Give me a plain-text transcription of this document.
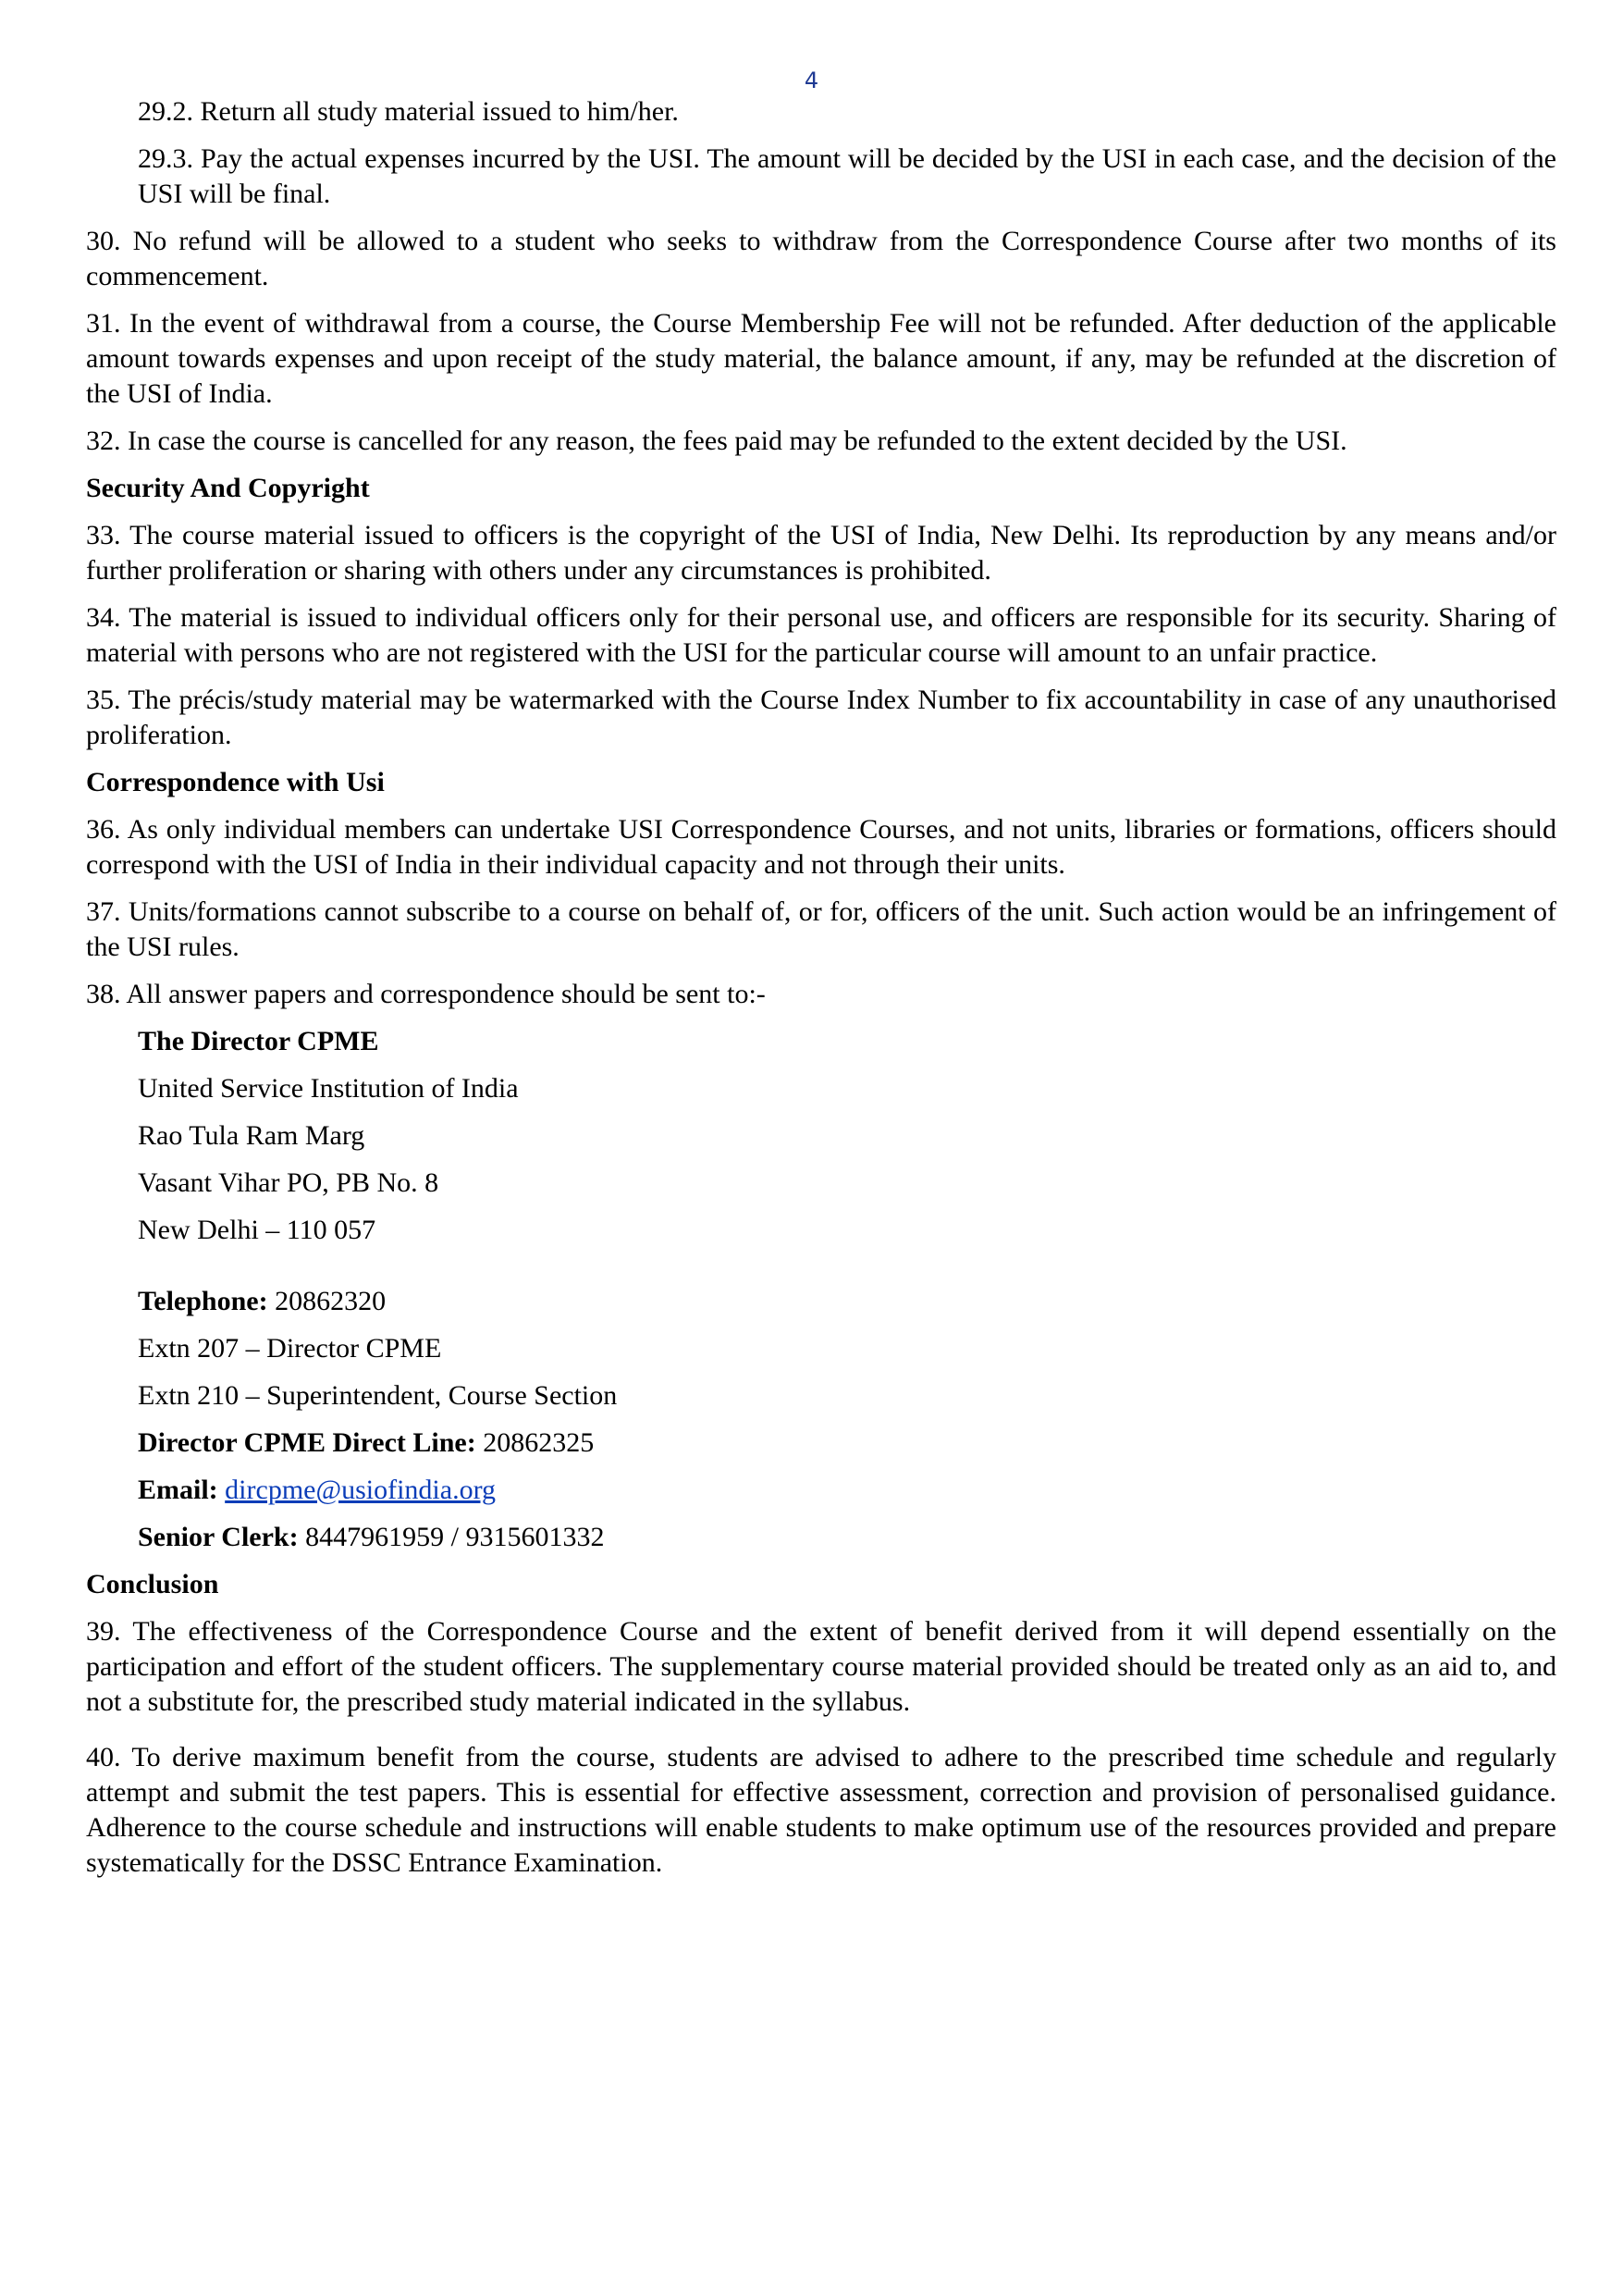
4

29.2. Return all study material issued to him/her.

29.3. Pay the actual expenses incurred by the USI. The amount will be decided by the USI in each case, and the decision of the USI will be final.

30. No refund will be allowed to a student who seeks to withdraw from the Correspondence Course after two months of its commencement.

31. In the event of withdrawal from a course, the Course Membership Fee will not be refunded. After deduction of the applicable amount towards expenses and upon receipt of the study material, the balance amount, if any, may be refunded at the discretion of the USI of India.

32. In case the course is cancelled for any reason, the fees paid may be refunded to the extent decided by the USI.

Security And Copyright

33. The course material issued to officers is the copyright of the USI of India, New Delhi. Its reproduction by any means and/or further proliferation or sharing with others under any circumstances is prohibited.

34. The material is issued to individual officers only for their personal use, and officers are responsible for its security. Sharing of material with persons who are not registered with the USI for the particular course will amount to an unfair practice.

35. The précis/study material may be watermarked with the Course Index Number to fix accountability in case of any unauthorised proliferation.

Correspondence with Usi

36. As only individual members can undertake USI Correspondence Courses, and not units, libraries or formations, officers should correspond with the USI of India in their individual capacity and not through their units.

37. Units/formations cannot subscribe to a course on behalf of, or for, officers of the unit. Such action would be an infringement of the USI rules.

38. All answer papers and correspondence should be sent to:-

The Director CPME
United Service Institution of India
Rao Tula Ram Marg
Vasant Vihar PO, PB No. 8
New Delhi – 110 057
Telephone: 20862320
Extn 207 – Director CPME
Extn 210 – Superintendent, Course Section
Director CPME Direct Line: 20862325
Email: dircpme@usiofindia.org
Senior Clerk: 8447961959 / 9315601332
Conclusion

39. The effectiveness of the Correspondence Course and the extent of benefit derived from it will depend essentially on the participation and effort of the student officers. The supplementary course material provided should be treated only as an aid to, and not a substitute for, the prescribed study material indicated in the syllabus.

40. To derive maximum benefit from the course, students are advised to adhere to the prescribed time schedule and regularly attempt and submit the test papers. This is essential for effective assessment, correction and provision of personalised guidance. Adherence to the course schedule and instructions will enable students to make optimum use of the resources provided and prepare systematically for the DSSC Entrance Examination.
